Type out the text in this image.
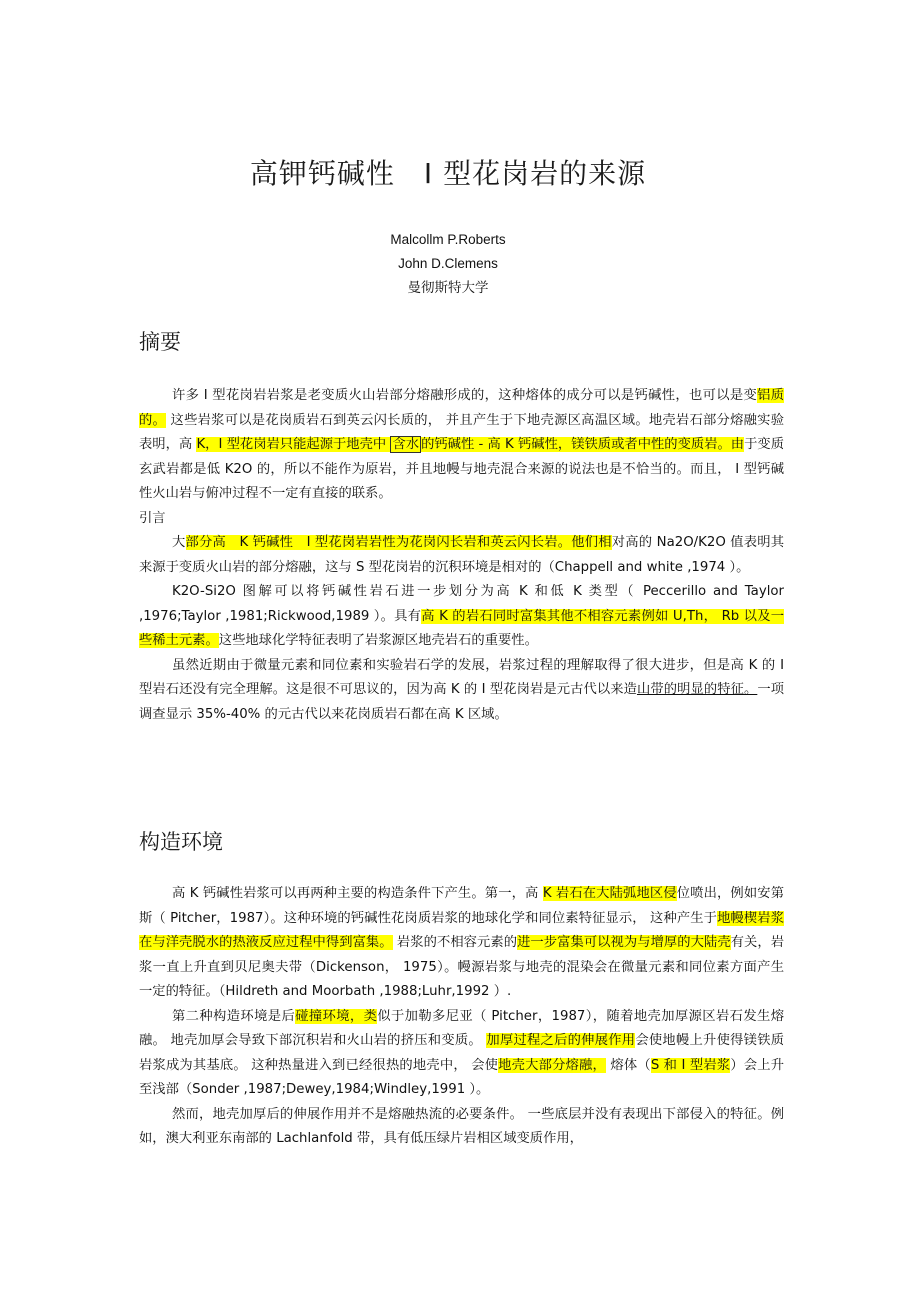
高钾钙碱性　I 型花岗岩的来源
Malcollm P.Roberts
John D.Clemens
曼彻斯特大学
摘要

许多 I 型花岗岩岩浆是老变质火山岩部分熔融形成的，这种熔体的成分可以是钙碱性，也可以是变铝质的。 这些岩浆可以是花岗质岩石到英云闪长质的， 并且产生于下地壳源区高温区域。地壳岩石部分熔融实验表明，高 K，I 型花岗岩只能起源于地壳中 含水 的钙碱性 - 高 K 钙碱性，镁铁质或者中性的变质岩。由于变质玄武岩都是低 K2O 的，所以不能作为原岩，并且地幔与地壳混合来源的说法也是不恰当的。而且， I 型钙碱性火山岩与俯冲过程不一定有直接的联系。

引言

大部分高　K 钙碱性　I 型花岗岩岩性为花岗闪长岩和英云闪长岩。他们相对高的 Na2O/K2O 值表明其来源于变质火山岩的部分熔融，这与 S 型花岗岩的沉积环境是相对的（Chappell and white ,1974 ）。

K2O-Si2O 图解可以将钙碱性岩石进一步划分为高 K 和低 K 类型（ Peccerillo and Taylor ,1976;Taylor ,1981;Rickwood,1989 ）。具有高 K 的岩石同时富集其他不相容元素例如 U,Th， Rb 以及一些稀土元素。这些地球化学特征表明了岩浆源区地壳岩石的重要性。

虽然近期由于微量元素和同位素和实验岩石学的发展，岩浆过程的理解取得了很大进步，但是高 K 的 I 型岩石还没有完全理解。这是很不可思议的，因为高 K 的 I 型花岗岩是元古代以来造山带的明显的特征。一项调查显示 35%-40% 的元古代以来花岗质岩石都在高 K 区域。

构造环境

高 K 钙碱性岩浆可以再两种主要的构造条件下产生。第一，高 K 岩石在大陆弧地区侵位喷出，例如安第斯（ Pitcher，1987）。这种环境的钙碱性花岗质岩浆的地球化学和同位素特征显示， 这种产生于地幔楔岩浆在与洋壳脱水的热液反应过程中得到富集。 岩浆的不相容元素的进一步富集可以视为与增厚的大陆壳有关，岩浆一直上升直到贝尼奥夫带（Dickenson， 1975）。幔源岩浆与地壳的混染会在微量元素和同位素方面产生一定的特征。（Hildreth and Moorbath ,1988;Luhr,1992 ）.

第二种构造环境是后碰撞环境，类似于加勒多尼亚（ Pitcher，1987），随着地壳加厚源区岩石发生熔融。 地壳加厚会导致下部沉积岩和火山岩的挤压和变质。 加厚过程之后的伸展作用会使地幔上升使得镁铁质岩浆成为其基底。 这种热量进入到已经很热的地壳中， 会使地壳大部分熔融， 熔体（S 和 I 型岩浆）会上升至浅部（Sonder ,1987;Dewey,1984;Windley,1991 ）。

然而，地壳加厚后的伸展作用并不是熔融热流的必要条件。 一些底层并没有表现出下部侵入的特征。例如，澳大利亚东南部的 Lachlanfold 带，具有低压绿片岩相区域变质作用，
